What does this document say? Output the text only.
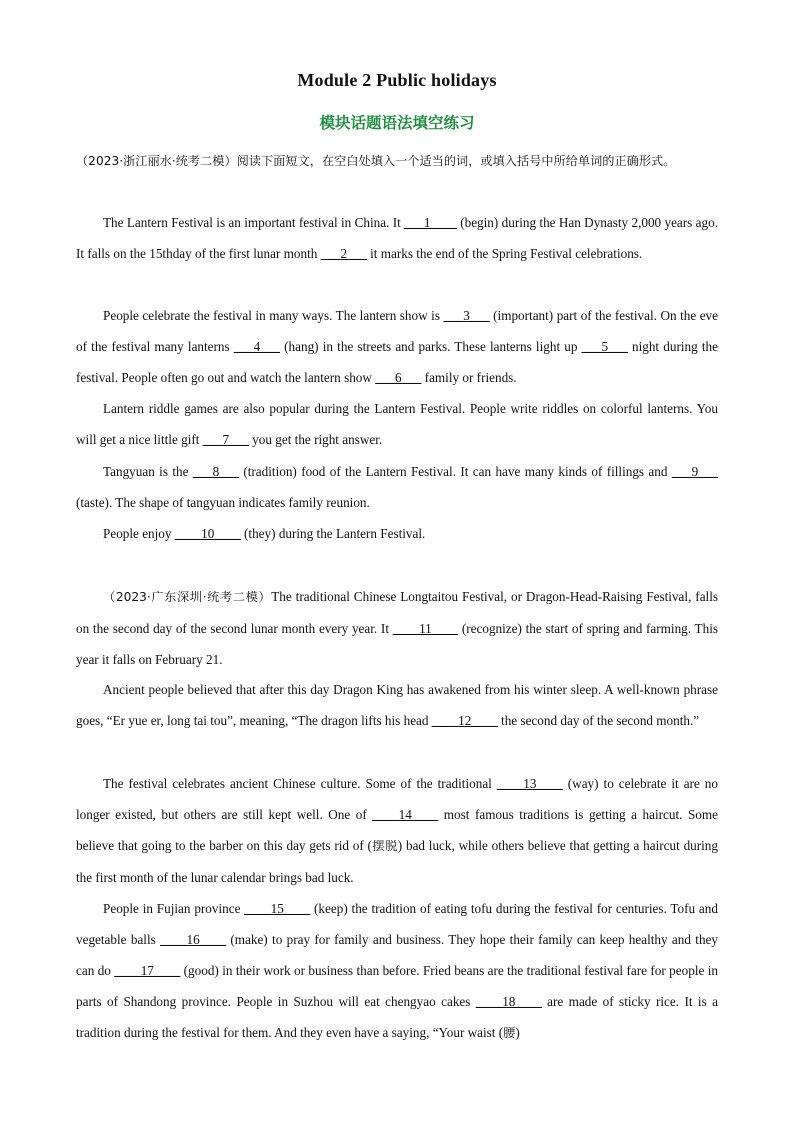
Module 2 Public holidays
模块话题语法填空练习
（2023·浙江丽水·统考二模）阅读下面短文，在空白处填入一个适当的词，或填入括号中所给单词的正确形式。
The Lantern Festival is an important festival in China. It ___1____ (begin) during the Han Dynasty 2,000 years ago. It falls on the 15thday of the first lunar month ___2___ it marks the end of the Spring Festival celebrations.
People celebrate the festival in many ways. The lantern show is ___3___ (important) part of the festival. On the eve of the festival many lanterns ___4___ (hang) in the streets and parks. These lanterns light up ___5___ night during the festival. People often go out and watch the lantern show ___6___ family or friends.
Lantern riddle games are also popular during the Lantern Festival. People write riddles on colorful lanterns. You will get a nice little gift ___7___ you get the right answer.
Tangyuan is the ___8___ (tradition) food of the Lantern Festival. It can have many kinds of fillings and ___9___ (taste). The shape of tangyuan indicates family reunion.
People enjoy ____10____ (they) during the Lantern Festival.
（2023·广东深圳·统考二模）The traditional Chinese Longtaitou Festival, or Dragon-Head-Raising Festival, falls on the second day of the second lunar month every year. It ____11____ (recognize) the start of spring and farming. This year it falls on February 21.
Ancient people believed that after this day Dragon King has awakened from his winter sleep. A well-known phrase goes, “Er yue er, long tai tou”, meaning, “The dragon lifts his head ____12____ the second day of the second month.”
The festival celebrates ancient Chinese culture. Some of the traditional ____13____ (way) to celebrate it are no longer existed, but others are still kept well. One of ____14____ most famous traditions is getting a haircut. Some believe that going to the barber on this day gets rid of (摆脱) bad luck, while others believe that getting a haircut during the first month of the lunar calendar brings bad luck.
People in Fujian province ____15____ (keep) the tradition of eating tofu during the festival for centuries. Tofu and vegetable balls ____16____ (make) to pray for family and business. They hope their family can keep healthy and they can do ____17____ (good) in their work or business than before. Fried beans are the traditional festival fare for people in parts of Shandong province. People in Suzhou will eat chengyao cakes ____18____ are made of sticky rice. It is a tradition during the festival for them. And they even have a saying, “Your waist (腰)
